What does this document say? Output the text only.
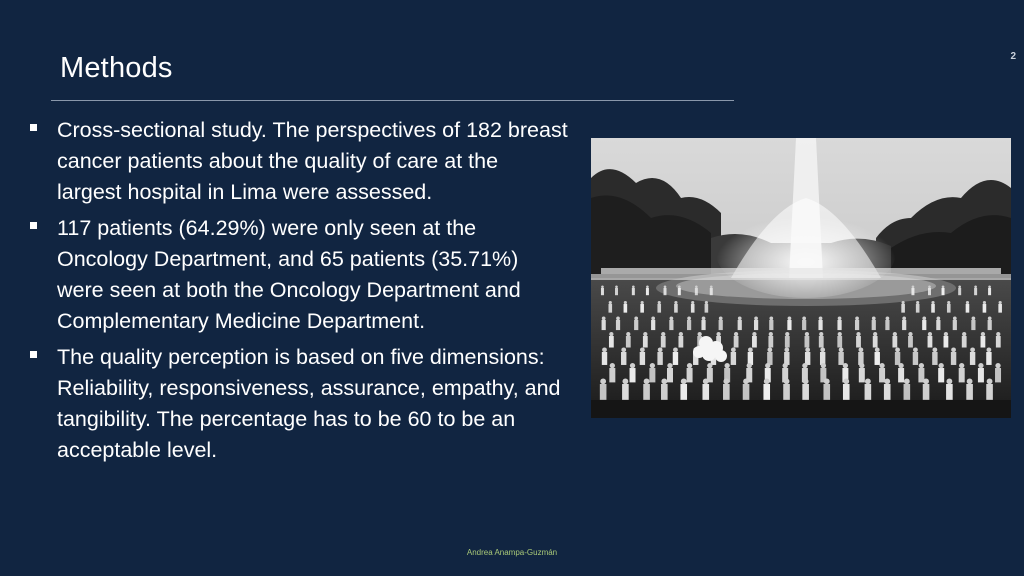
2
Methods
Cross-sectional study. The perspectives of 182 breast cancer patients about the quality of care at the largest hospital in Lima were assessed.
117 patients (64.29%) were only seen at the Oncology Department, and 65 patients (35.71%) were seen at both the Oncology Department and Complementary Medicine Department.
The quality perception is based on five dimensions: Reliability, responsiveness, assurance, empathy, and tangibility. The percentage has to be 60 to be an acceptable level.
Andrea Anampa-Guzmán
